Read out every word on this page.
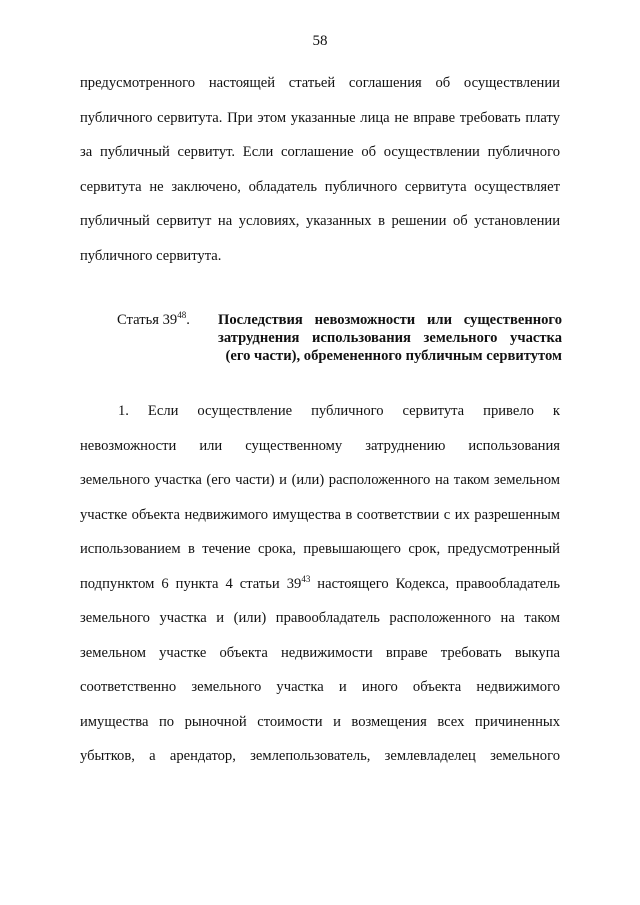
58
предусмотренного настоящей статьей соглашения об осуществлении
публичного сервитута. При этом указанные лица не вправе требовать плату
за публичный сервитут. Если соглашение об осуществлении публичного
сервитута не заключено, обладатель публичного сервитута осуществляет
публичный сервитут на условиях, указанных в решении об установлении
публичного сервитута.
Статья $39^{48}$. Последствия невозможности или существенного
затруднения использования земельного участка
(его части), обремененного публичным сервитутом
1. Если осуществление публичного сервитута привело к
невозможности или существенному затруднению использования
земельного участка (его части) и (или) расположенного на таком земельном
участке объекта недвижимого имущества в соответствии с их разрешенным
использованием в течение срока, превышающего срок, предусмотренный
подпунктом 6 пункта 4 статьи $39^{43}$ настоящего Кодекса, правообладатель
земельного участка и (или) правообладатель расположенного на таком
земельном участке объекта недвижимости вправе требовать выкупа
соответственно земельного участка и иного объекта недвижимого
имущества по рыночной стоимости и возмещения всех причиненных
убытков, а арендатор, землепользователь, землевладелец земельного
